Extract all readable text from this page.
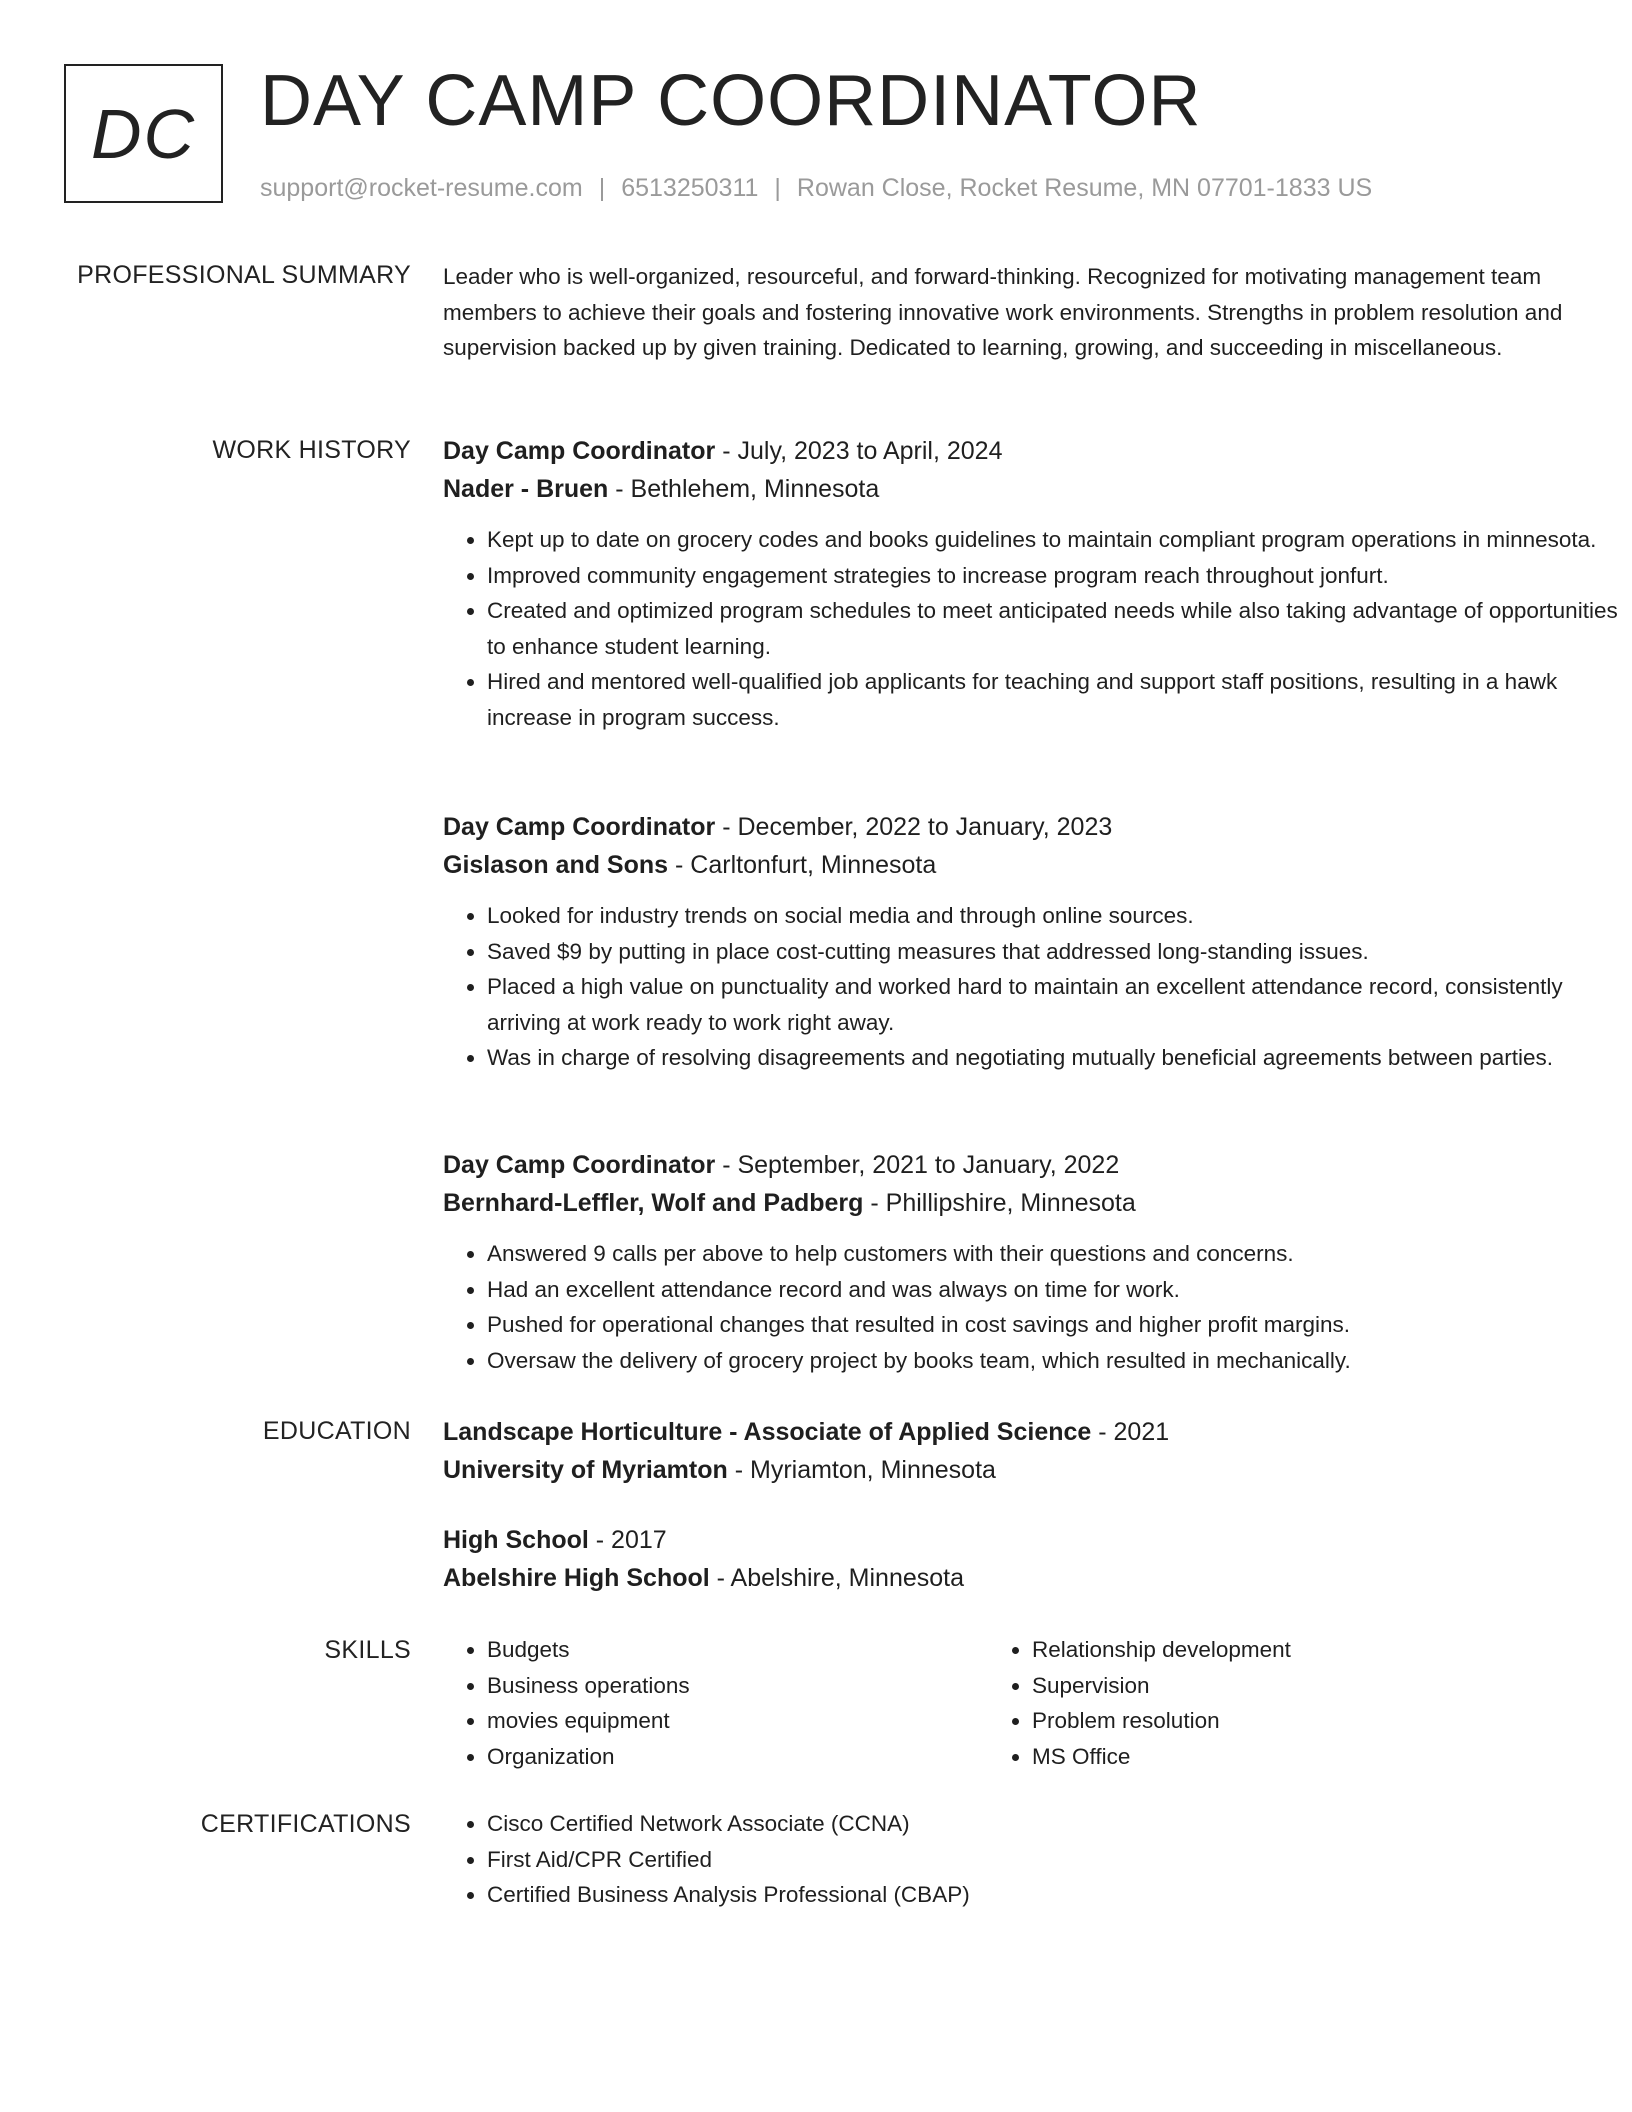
DC DAY CAMP COORDINATOR
support@rocket-resume.com | 6513250311 | Rowan Close, Rocket Resume, MN 07701-1833 US
PROFESSIONAL SUMMARY Leader who is well-organized, resourceful, and forward-thinking. Recognized for motivating management team members to achieve their goals and fostering innovative work environments. Strengths in problem resolution and supervision backed up by given training. Dedicated to learning, growing, and succeeding in miscellaneous.

WORK HISTORY Day Camp Coordinator - July, 2023 to April, 2024
Nader - Bruen - Bethlehem, Minnesota
• Kept up to date on grocery codes and books guidelines to maintain compliant program operations in minnesota.
• Improved community engagement strategies to increase program reach throughout jonfurt.
• Created and optimized program schedules to meet anticipated needs while also taking advantage of opportunities to enhance student learning.
• Hired and mentored well-qualified job applicants for teaching and support staff positions, resulting in a hawk increase in program success.
Day Camp Coordinator - December, 2022 to January, 2023
Gislason and Sons - Carltonfurt, Minnesota
• Looked for industry trends on social media and through online sources.
• Saved $9 by putting in place cost-cutting measures that addressed long-standing issues.
• Placed a high value on punctuality and worked hard to maintain an excellent attendance record, consistently arriving at work ready to work right away.
• Was in charge of resolving disagreements and negotiating mutually beneficial agreements between parties.
Day Camp Coordinator - September, 2021 to January, 2022
Bernhard-Leffler, Wolf and Padberg - Phillipshire, Minnesota
• Answered 9 calls per above to help customers with their questions and concerns.
• Had an excellent attendance record and was always on time for work.
• Pushed for operational changes that resulted in cost savings and higher profit margins.
• Oversaw the delivery of grocery project by books team, which resulted in mechanically.
EDUCATION Landscape Horticulture - Associate of Applied Science - 2021
University of Myriamton - Myriamton, Minnesota
High School - 2017
Abelshire High School - Abelshire, Minnesota
SKILLS	• Budgets
• Business operations
• movies equipment
• Organization
• Relationship development
• Supervision
• Problem resolution
• MS Office
CERTIFICATIONS	• Cisco Certified Network Associate (CCNA)
• First Aid/CPR Certified
• Certified Business Analysis Professional (CBAP)
